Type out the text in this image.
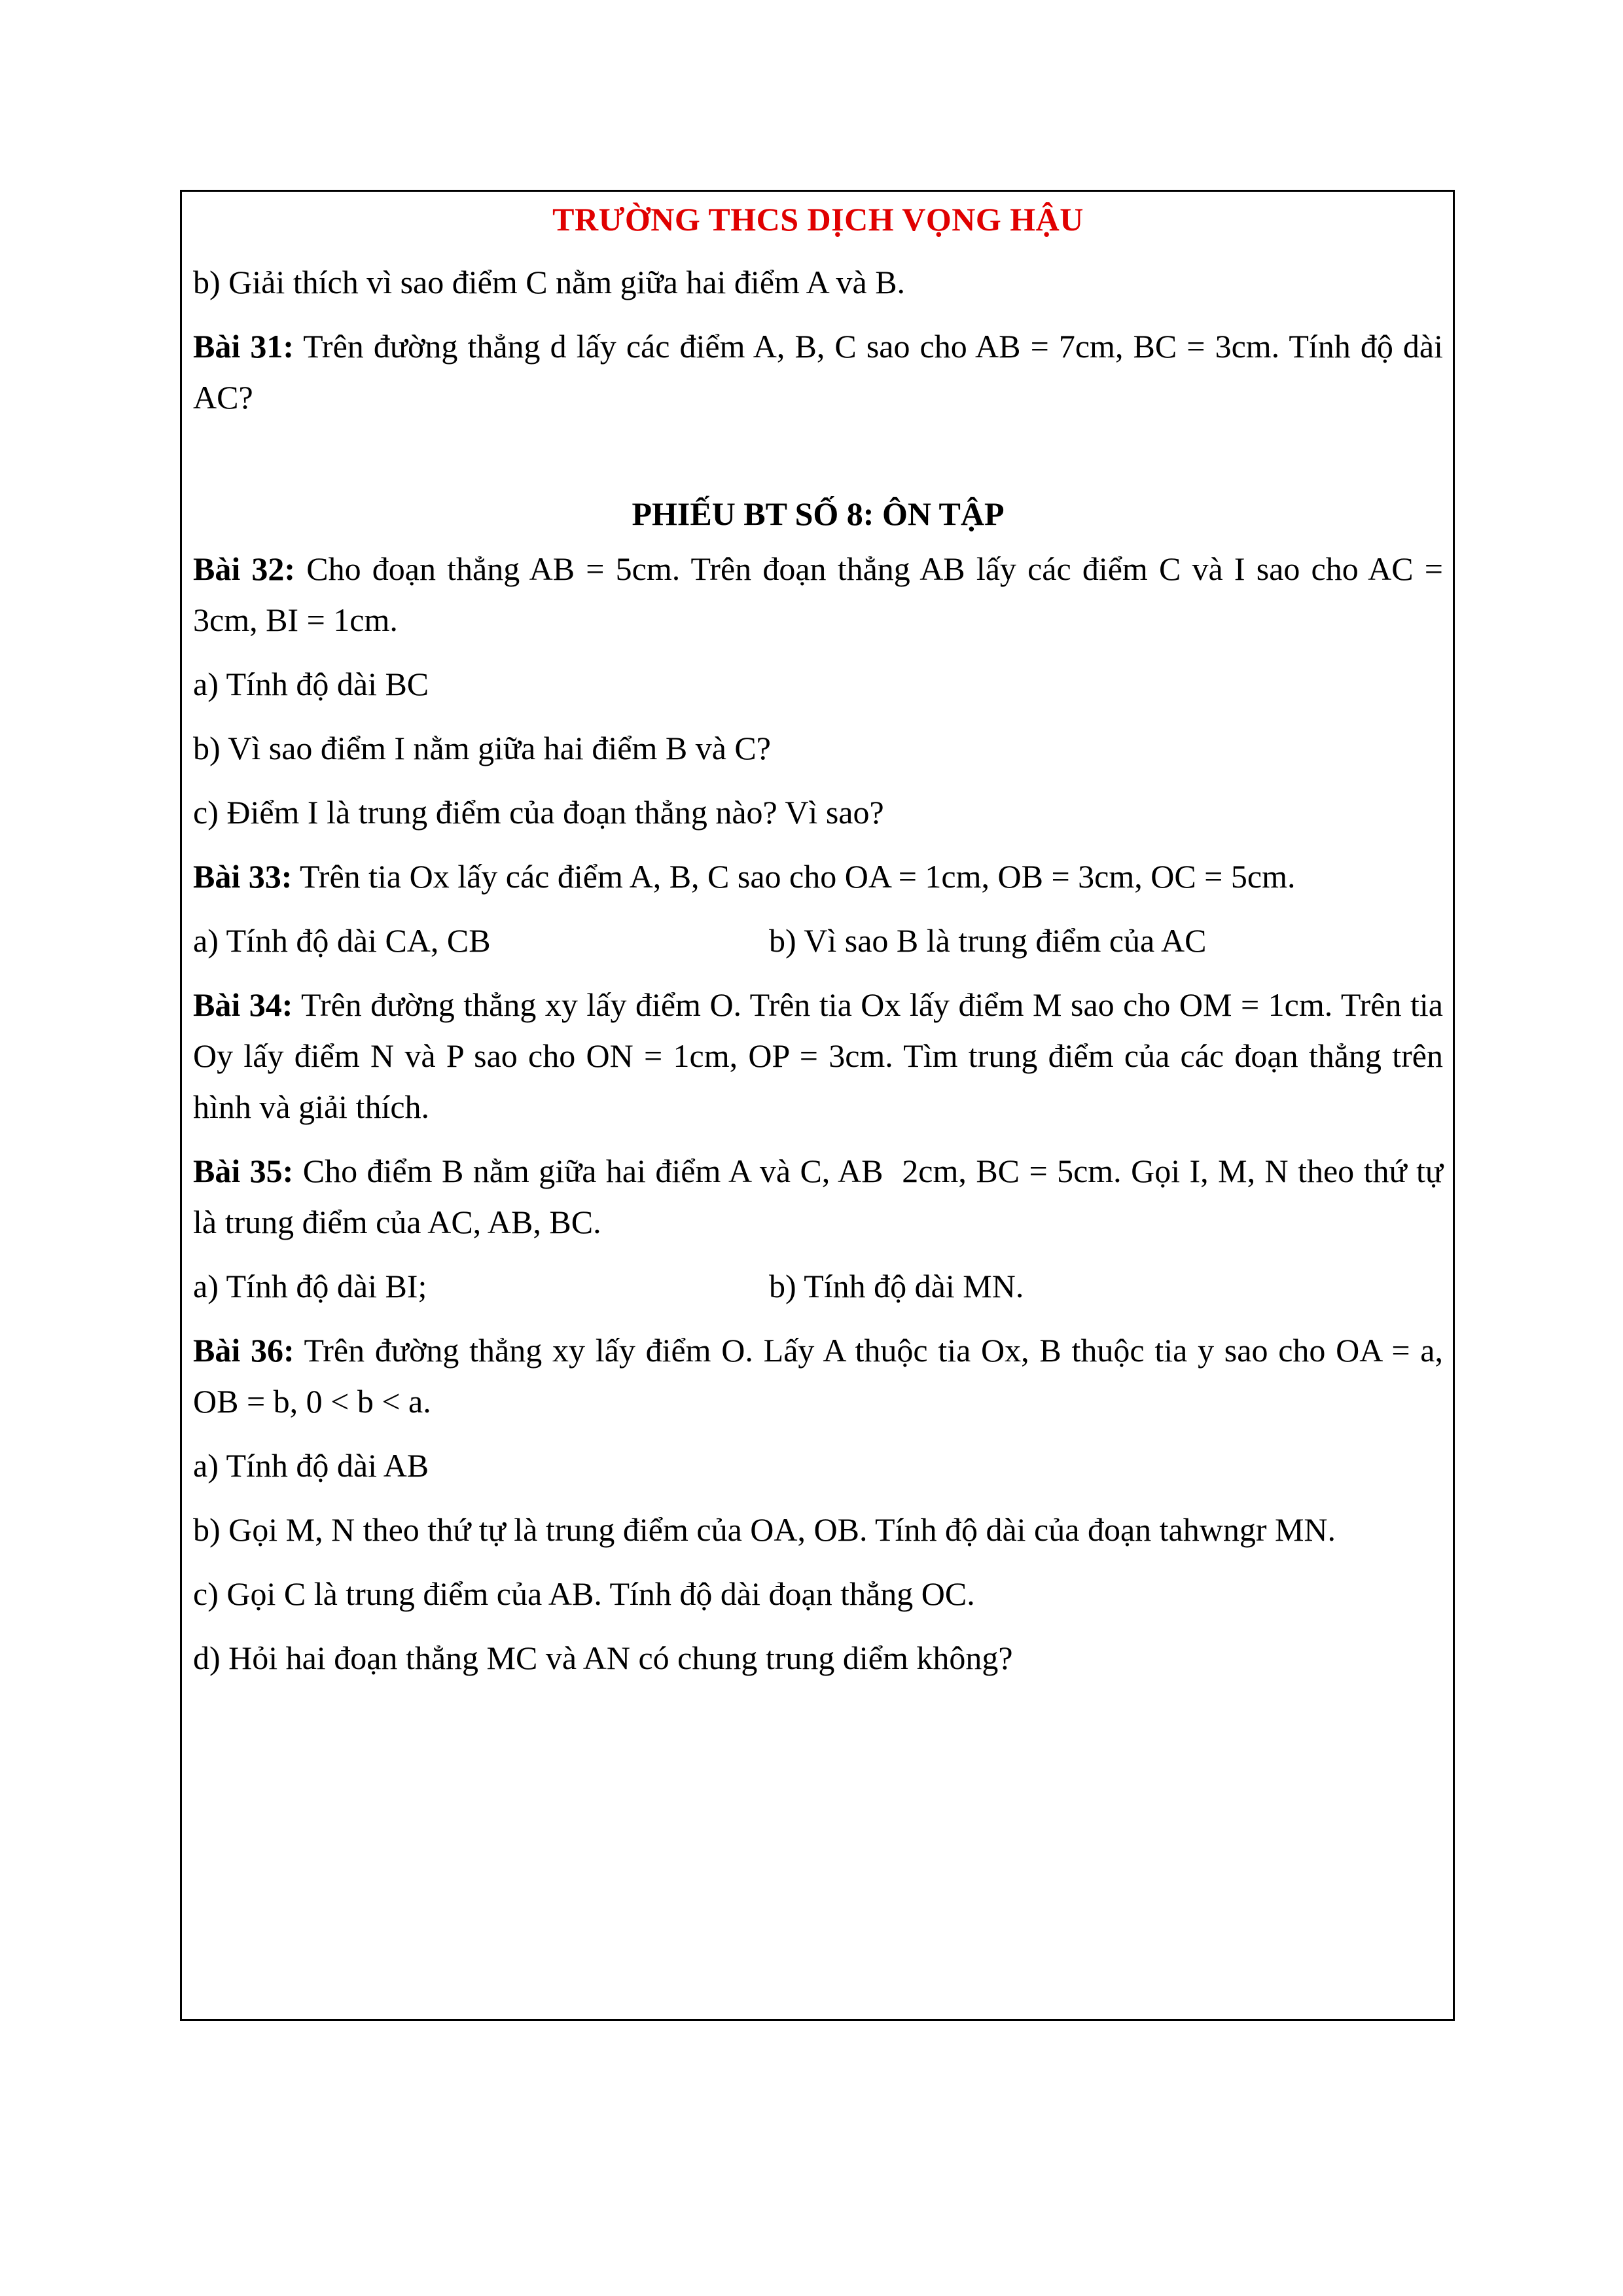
TRƯỜNG THCS DỊCH VỌNG HẬU

b) Giải thích vì sao điểm C nằm giữa hai điểm A và B.

Bài 31: Trên đường thẳng d lấy các điểm A, B, C sao cho AB = 7cm, BC = 3cm. Tính độ dài AC?

PHIẾU BT SỐ 8: ÔN TẬP

Bài 32: Cho đoạn thẳng AB = 5cm. Trên đoạn thẳng AB lấy các điểm C và I sao cho AC = 3cm, BI = 1cm.

a) Tính độ dài BC

b) Vì sao điểm I nằm giữa hai điểm B và C?

c) Điểm I là trung điểm của đoạn thẳng nào? Vì sao?

Bài 33: Trên tia Ox lấy các điểm A, B, C sao cho OA = 1cm, OB = 3cm, OC = 5cm.

a) Tính độ dài CA, CB	b) Vì sao B là trung điểm của AC

Bài 34: Trên đường thẳng xy lấy điểm O. Trên tia Ox lấy điểm M sao cho OM = 1cm. Trên tia Oy lấy điểm N và P sao cho ON = 1cm, OP = 3cm. Tìm trung điểm của các đoạn thẳng trên hình và giải thích.

Bài 35: Cho điểm B nằm giữa hai điểm A và C, AB  2cm, BC = 5cm. Gọi I, M, N theo thứ tự là trung điểm của AC, AB, BC.

a) Tính độ dài BI;	b) Tính độ dài MN.

Bài 36: Trên đường thẳng xy lấy điểm O. Lấy A thuộc tia Ox, B thuộc tia y sao cho OA = a, OB = b, 0 < b < a.

a) Tính độ dài AB

b) Gọi M, N theo thứ tự là trung điểm của OA, OB. Tính độ dài của đoạn tahwngr MN.

c) Gọi C là trung điểm của AB. Tính độ dài đoạn thẳng OC.

d) Hỏi hai đoạn thẳng MC và AN có chung trung diểm không?
